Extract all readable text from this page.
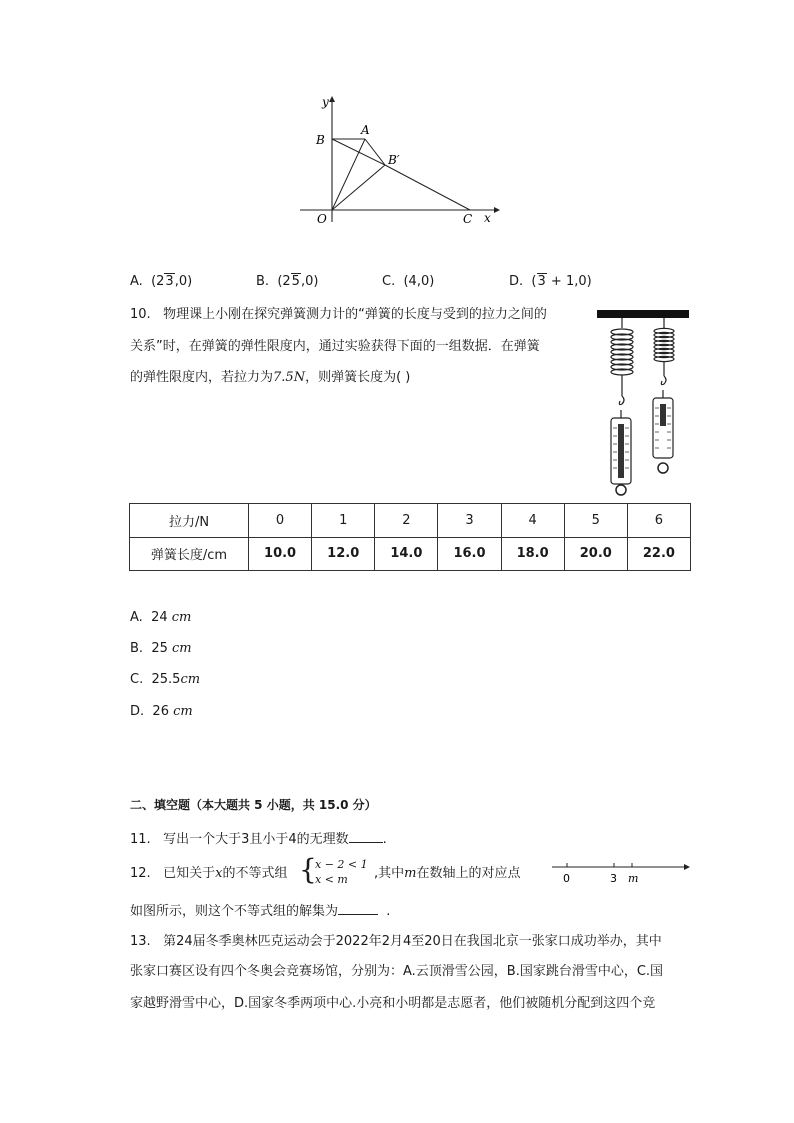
y
x
O
B
A
B′
C
A. (23,0)	B. (25,0)	C. (4,0)	D. (3 + 1,0)
10. 物理课上小刚在探究弹簧测力计的“弹簧的长度与受到的拉力之间的
关系”时，在弹簧的弹性限度内，通过实验获得下面的一组数据．在弹簧
的弹性限度内，若拉力为7.5N，则弹簧长度为( )
拉力/N	0	1	2	3	4	5	6
弹簧长度/cm	10.0	12.0	14.0	16.0	18.0	20.0	22.0
A. 24 cm
B. 25 cm
C. 25.5cm
D. 26 cm
二、填空题（本大题共 5 小题，共 15.0 分）
11. 写出一个大于3且小于4的无理数	.
12. 已知关于x的不等式组 {
x − 2 < 1
x < m ,其中m在数轴上的对应点	0	3 m
如图所示，则这个不等式组的解集为	.
13. 第24届冬季奥林匹克运动会于2022年2月4至20日在我国北京一张家口成功举办，其中
张家口赛区设有四个冬奥会竞赛场馆，分别为：A.云顶滑雪公园，B.国家跳台滑雪中心，C.国
家越野滑雪中心，D.国家冬季两项中心.小亮和小明都是志愿者，他们被随机分配到这四个竞
